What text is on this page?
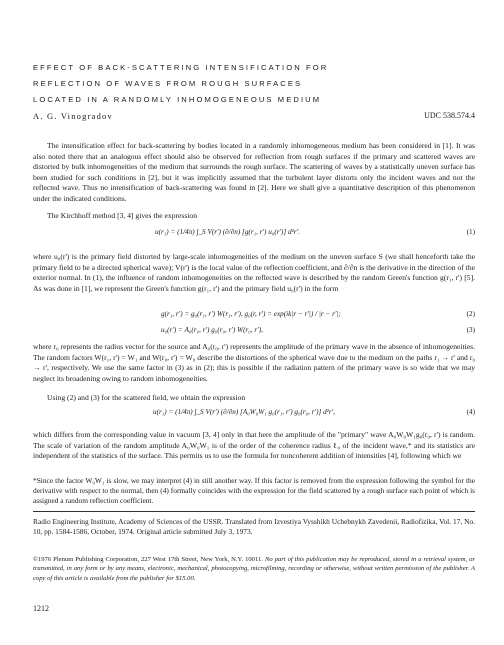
EFFECT OF BACK-SCATTERING INTENSIFICATION FOR
REFLECTION OF WAVES FROM ROUGH SURFACES
LOCATED IN A RANDOMLY INHOMOGENEOUS MEDIUM
A. G. Vinogradov	UDC 538.574.4
The intensification effect for back-scattering by bodies located in a randomly inhomogeneous medium has been considered in [1]. It was also noted there that an analogous effect should also be observed for reflection from rough surfaces if the primary and scattered waves are distorted by bulk inhomogeneities of the medium that surrounds the rough surface. The scattering of waves by a statistically uneven surface has been studied for such conditions in [2], but it was implicitly assumed that the turbulent layer distorts only the incident waves and not the reflected wave. Thus no intensification of back-scattering was found in [2]. Here we shall give a quantitative description of this phenomenon under the indicated conditions.
The Kirchhoff method [3, 4] gives the expression
u(r₁) = (1/4π) ∫_S V(r') (∂/∂n) [g(r₁, r') u₀(r')] d²r'.	(1)
where u₀(r') is the primary field distorted by large-scale inhomogeneities of the medium on the uneven surface S (we shall henceforth take the primary field to be a directed spherical wave); V(r') is the local value of the reflection coefficient, and ∂/∂n is the derivative in the direction of the exterior normal. In (1), the influence of random inhomogeneities on the reflected wave is described by the random Green's function g(r₁, r') [5]. As was done in [1], we represent the Green's function g(r₁, r') and the primary field u₀(r') in the form
g(r₁, r') = g₀(r₁, r') W(r₁, r'), g₀(r, r') = exp(ik|r − r'|) / |r − r'|;	(2)
u₀(r') = A₀(r₀, r') g₀(r₀, r') W(r₀, r'),	(3)
where r₀ represents the radius vector for the source and A₀(r₀, r') represents the amplitude of the primary wave in the absence of inhomogeneities. The random factors W(r₁, r') = W₁ and W(r₀, r') = W₀ describe the distortions of the spherical wave due to the medium on the paths r₁ → r' and r₀ → r', respectively. We use the same factor in (3) as in (2); this is possible if the radiation pattern of the primary wave is so wide that we may neglect its broadening owing to random inhomogeneities.
Using (2) and (3) for the scattered field, we obtain the expression
u(r₁) = (1/4π) ∫_S V(r') (∂/∂n) [A₀W₀W₁ g₀(r₁, r') g₀(r₀, r')] d²r',	(4)
which differs from the corresponding value in vacuum [3, 4] only in that here the amplitude of the "primary" wave A₀W₀W₁g₀(r₀, r') is random. The scale of variation of the random amplitude A₀W₀W₁ is of the order of the coherence radius ℓ₀ of the incident wave,* and its statistics are independent of the statistics of the surface. This permits us to use the formula for noncoherent addition of intensities [4], following which we
*Since the factor W₀W₁ is slow, we may interpret (4) in still another way. If this factor is removed from the expression following the symbol for the derivative with respect to the normal, then (4) formally coincides with the expression for the field scattered by a rough surface each point of which is assigned a random reflection coefficient.
Radio Engineering Institute, Academy of Sciences of the USSR. Translated from Izvestiya Vysshikh Uchebnykh Zavedenii, Radiofizika, Vol. 17, No. 10, pp. 1584-1586, October, 1974. Original article submitted July 3, 1973.
©1976 Plenum Publishing Corporation, 227 West 17th Street, New York, N.Y. 10011. No part of this publication may be reproduced, stored in a retrieval system, or transmitted, in any form or by any means, electronic, mechanical, photocopying, microfilming, recording or otherwise, without written permission of the publisher. A copy of this article is available from the publisher for $15.00.
1212
